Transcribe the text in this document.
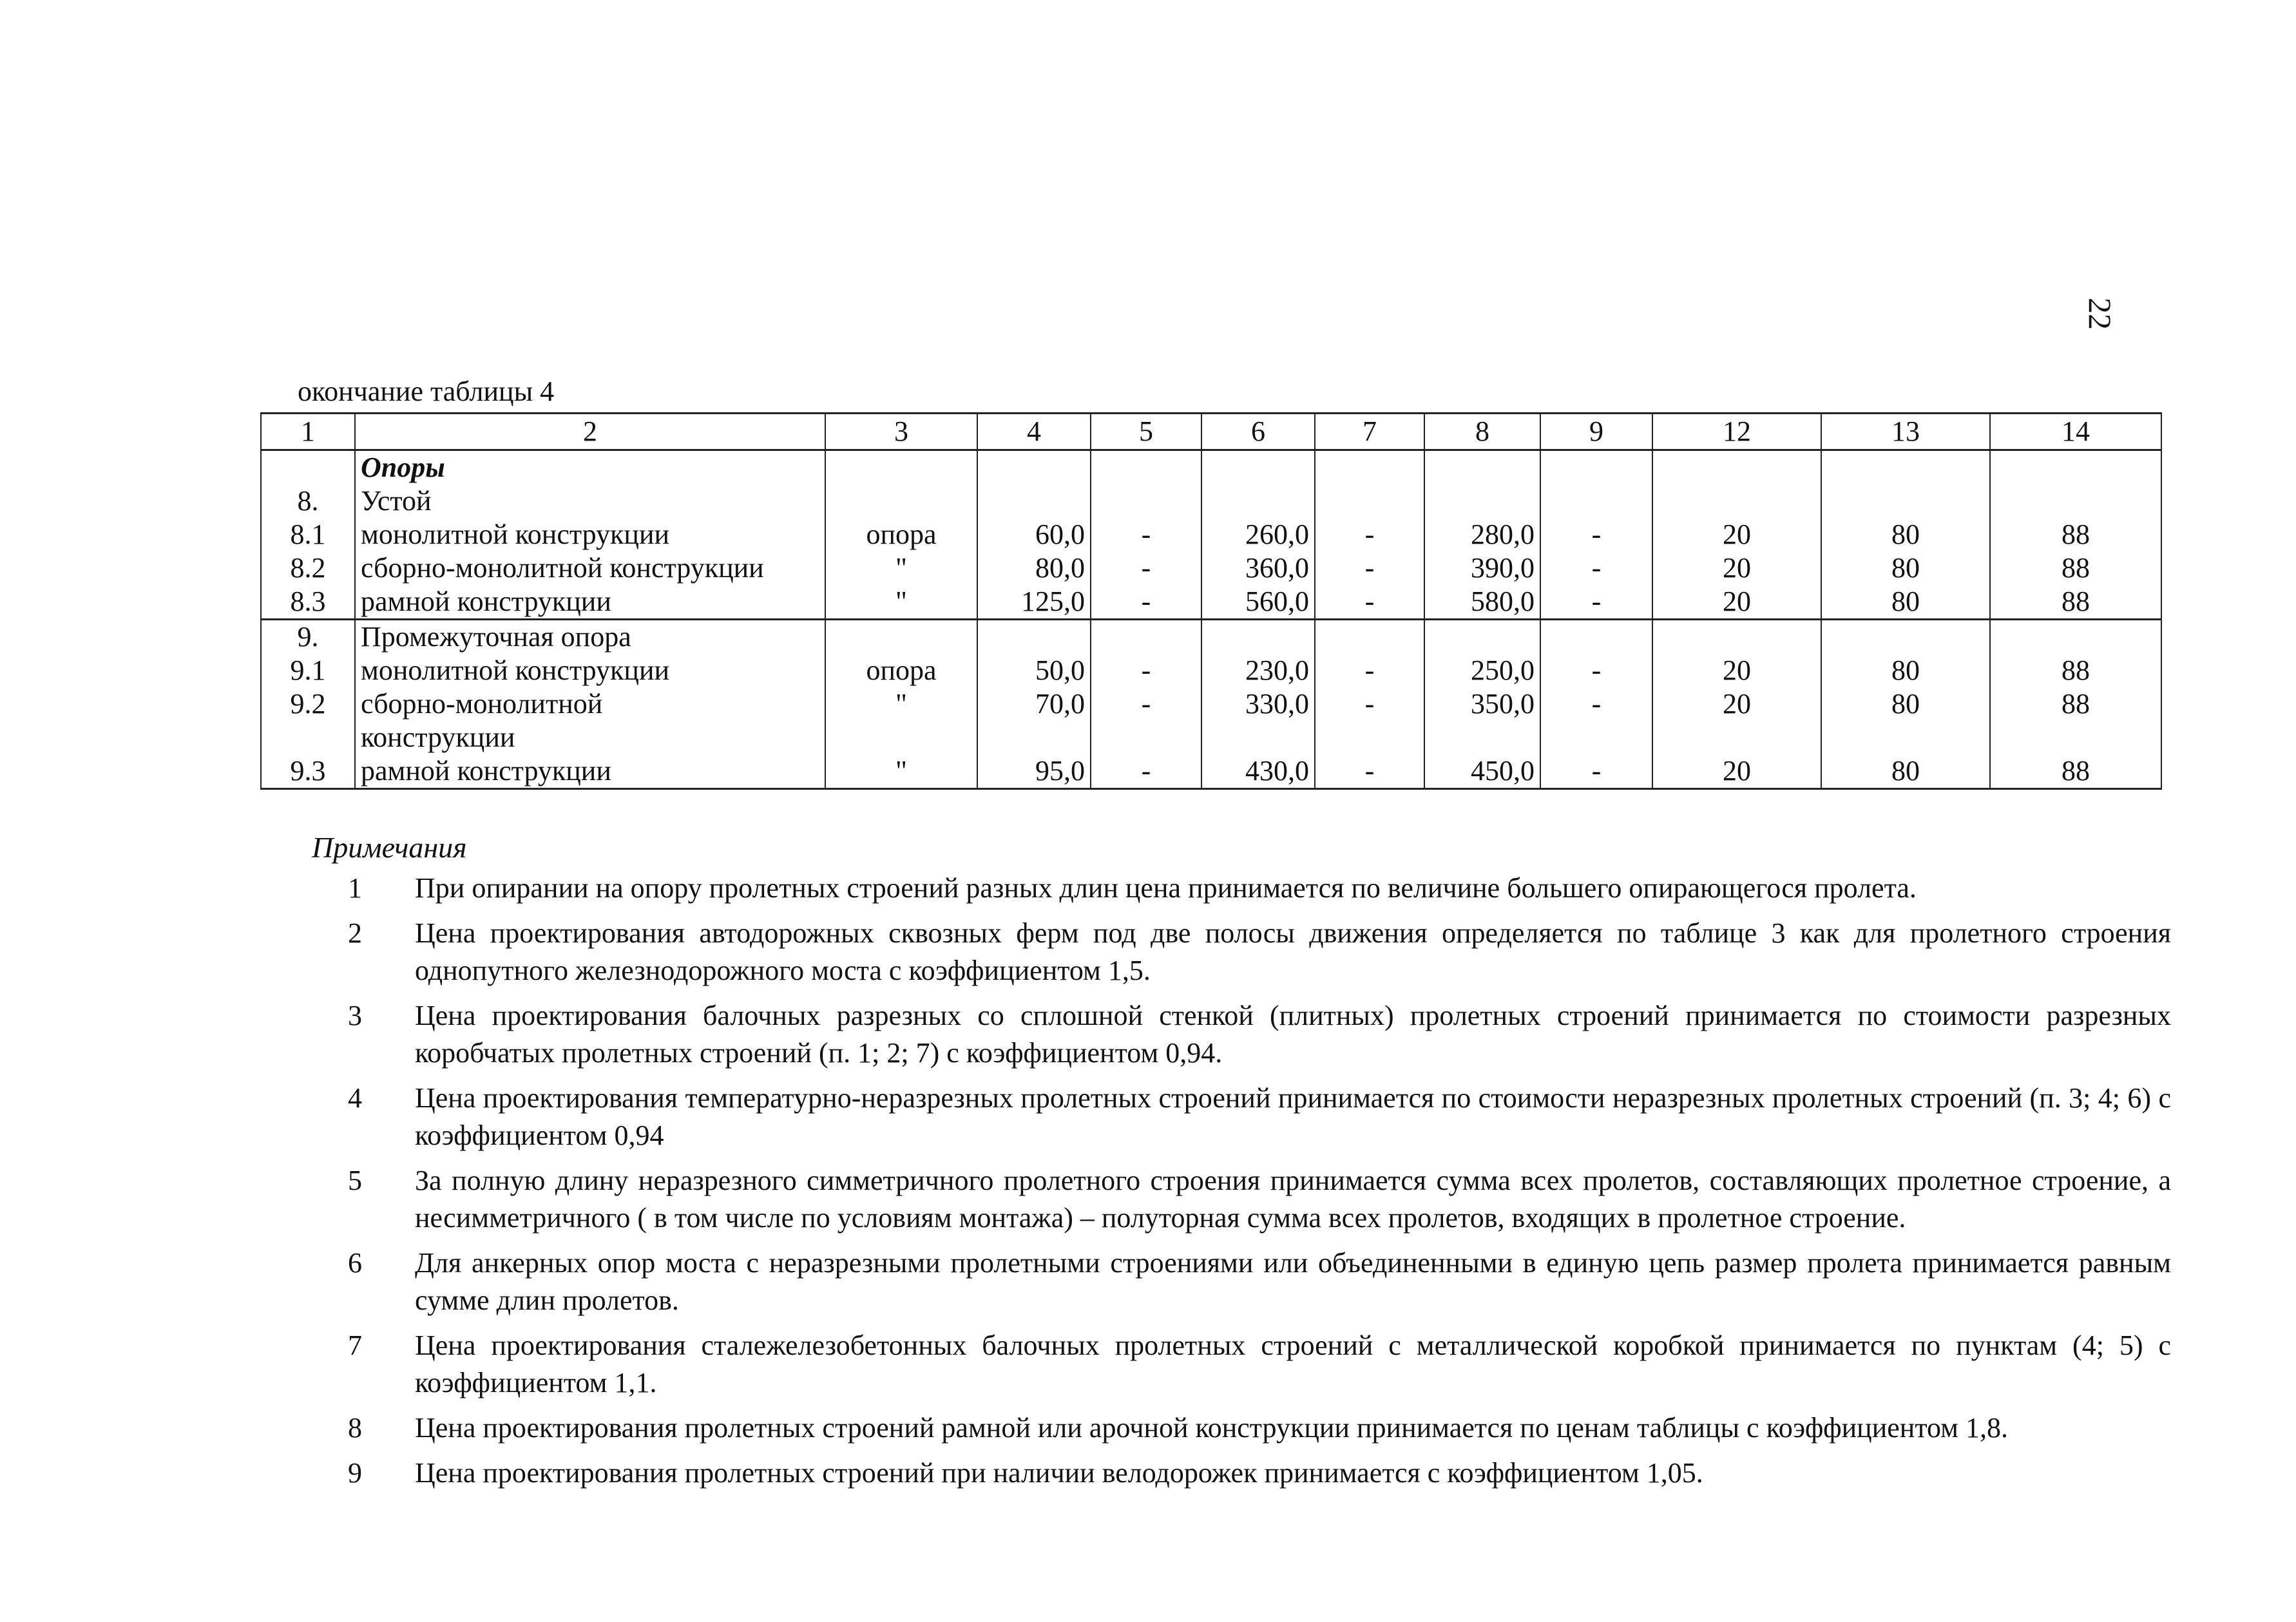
22
окончание таблицы 4
1	2	3	4	5	6	7	8	9	12	13	14
	Опоры										
8.	Устой										
8.1	монолитной конструкции	опора	60,0	-	260,0	-	280,0	-	20	80	88
8.2	сборно-монолитной конструкции	"	80,0	-	360,0	-	390,0	-	20	80	88
8.3	рамной конструкции	"	125,0	-	560,0	-	580,0	-	20	80	88
9.	Промежуточная опора										
9.1	монолитной конструкции	опора	50,0	-	230,0	-	250,0	-	20	80	88
9.2	сборно-монолитной	"	70,0	-	330,0	-	350,0	-	20	80	88
	конструкции										
9.3	рамной конструкции	"	95,0	-	430,0	-	450,0	-	20	80	88
Примечания
1	При опирании на опору пролетных строений разных длин цена принимается по величине большего опирающегося пролета.
2	Цена проектирования автодорожных сквозных ферм под две полосы движения определяется по таблице 3 как для пролетного строения однопутного железнодорожного моста с коэффициентом 1,5.
3	Цена проектирования балочных разрезных со сплошной стенкой (плитных) пролетных строений принимается по стоимости разрезных коробчатых пролетных строений (п. 1; 2; 7) с коэффициентом 0,94.
4	Цена проектирования температурно-неразрезных пролетных строений принимается по стоимости неразрезных пролетных строений (п. 3; 4; 6) с коэффициентом 0,94
5	За полную длину неразрезного симметричного пролетного строения принимается сумма всех пролетов, составляющих пролетное строение, а несимметричного ( в том числе по условиям монтажа) – полуторная сумма всех пролетов, входящих в пролетное строение.
6	Для анкерных опор моста с неразрезными пролетными строениями или объединенными в единую цепь размер пролета принимается равным сумме длин пролетов.
7	Цена проектирования сталежелезобетонных балочных пролетных строений с металлической коробкой принимается по пунктам (4; 5) с коэффициентом 1,1.
8	Цена проектирования пролетных строений рамной или арочной конструкции принимается по ценам таблицы с коэффициентом 1,8.
9	Цена проектирования пролетных строений при наличии велодорожек принимается с коэффициентом 1,05.
